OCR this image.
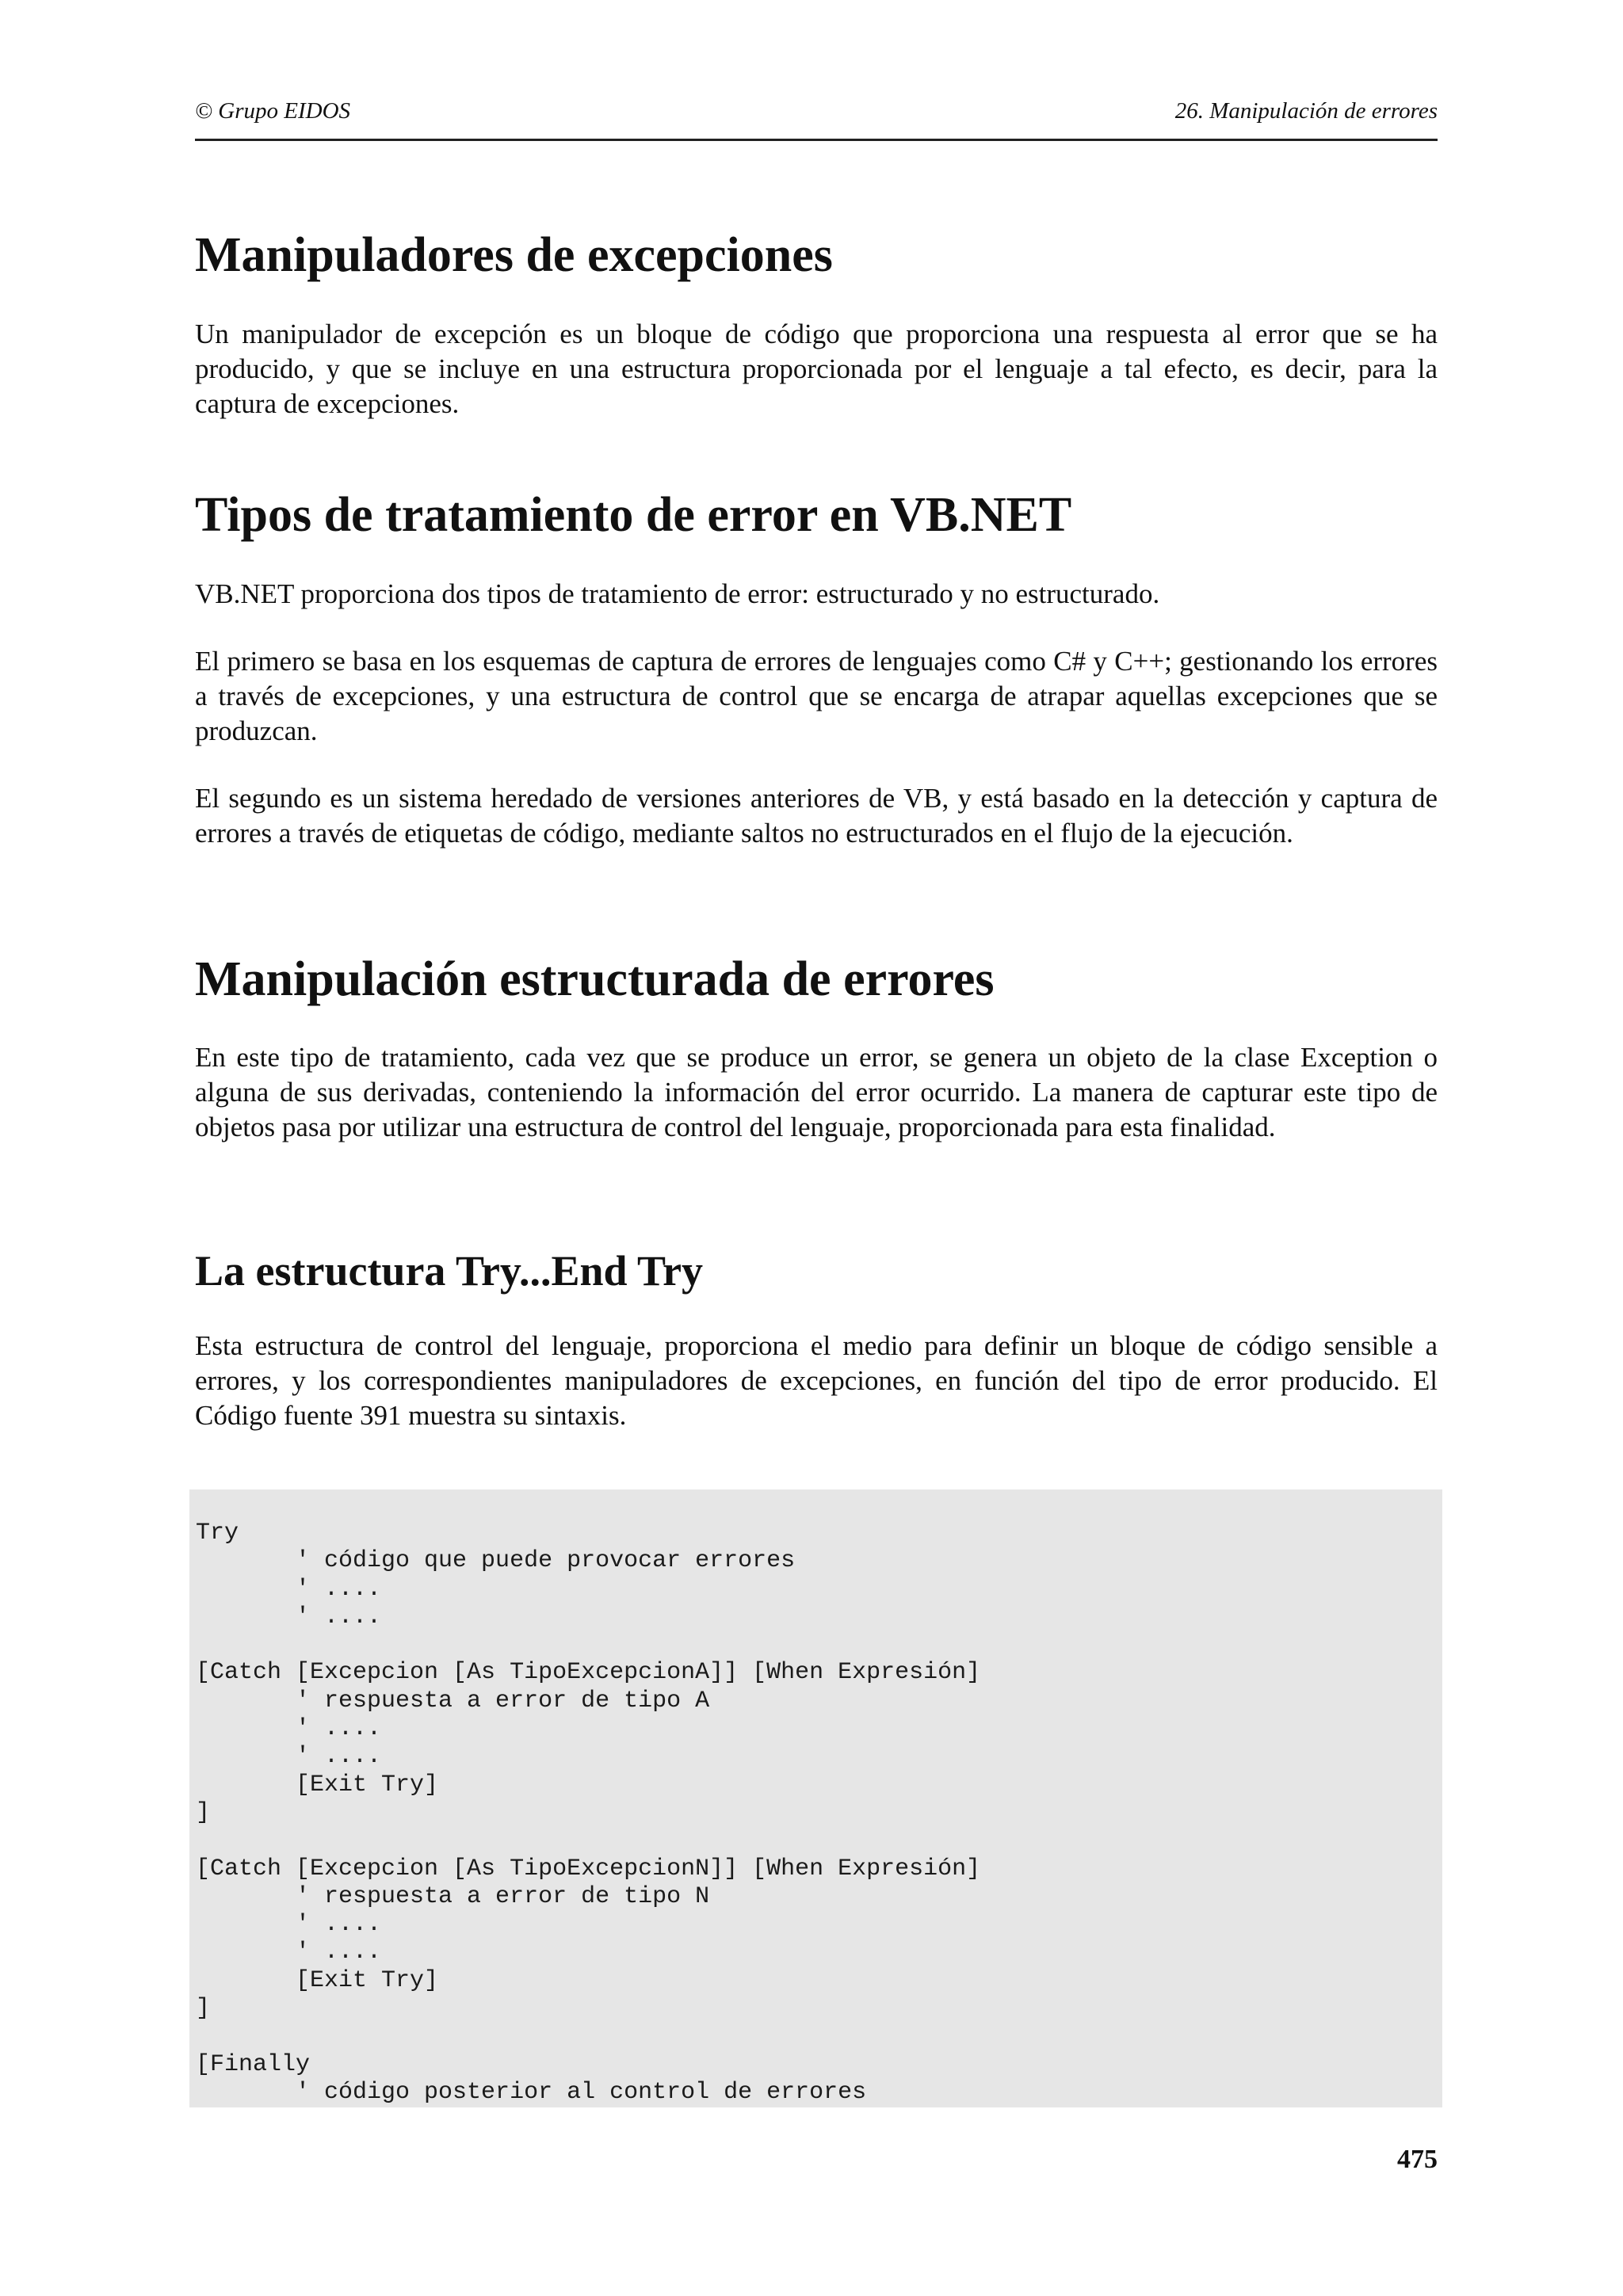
© Grupo EIDOS	26. Manipulación de errores
Manipuladores de excepciones

Un manipulador de excepción es un bloque de código que proporciona una respuesta al error que se ha producido, y que se incluye en una estructura proporcionada por el lenguaje a tal efecto, es decir, para la captura de excepciones.

Tipos de tratamiento de error en VB.NET

VB.NET proporciona dos tipos de tratamiento de error: estructurado y no estructurado.

El primero se basa en los esquemas de captura de errores de lenguajes como C# y C++; gestionando los errores a través de excepciones, y una estructura de control que se encarga de atrapar aquellas excepciones que se produzcan.

El segundo es un sistema heredado de versiones anteriores de VB, y está basado en la detección y captura de errores a través de etiquetas de código, mediante saltos no estructurados en el flujo de la ejecución.

Manipulación estructurada de errores

En este tipo de tratamiento, cada vez que se produce un error, se genera un objeto de la clase Exception o alguna de sus derivadas, conteniendo la información del error ocurrido. La manera de capturar este tipo de objetos pasa por utilizar una estructura de control del lenguaje, proporcionada para esta finalidad.

La estructura Try...End Try

Esta estructura de control del lenguaje, proporciona el medio para definir un bloque de código sensible a errores, y los correspondientes manipuladores de excepciones, en función del tipo de error producido. El Código fuente 391 muestra su sintaxis.

Try
' código que puede provocar errores
' ....
' ....

[Catch [Excepcion [As TipoExcepcionA]] [When Expresión]
' respuesta a error de tipo A
' ....
' ....
[Exit Try]
]

[Catch [Excepcion [As TipoExcepcionN]] [When Expresión]
' respuesta a error de tipo N
' ....
' ....
[Exit Try]
]

[Finally
' código posterior al control de errores
475
